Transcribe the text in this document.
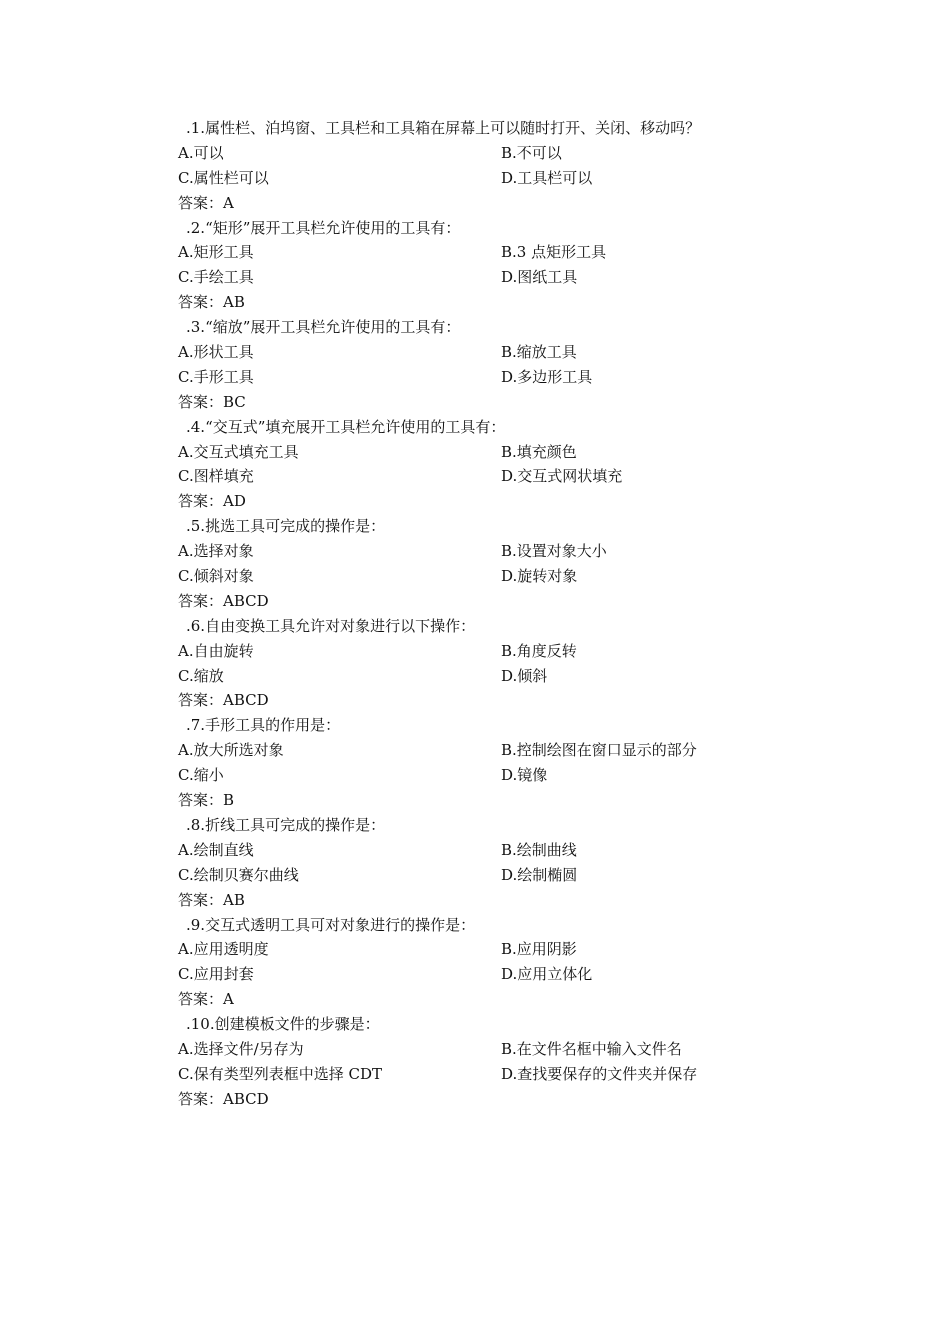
.1.属性栏、泊坞窗、工具栏和工具箱在屏幕上可以随时打开、关闭、移动吗？
A.可以	B.不可以
C.属性栏可以	D.工具栏可以
答案：A
.2.“矩形”展开工具栏允许使用的工具有：
A.矩形工具	B.3 点矩形工具
C.手绘工具	D.图纸工具
答案：AB
.3.“缩放”展开工具栏允许使用的工具有：
A.形状工具	B.缩放工具
C.手形工具	D.多边形工具
答案：BC
.4.“交互式”填充展开工具栏允许使用的工具有：
A.交互式填充工具	B.填充颜色
C.图样填充	D.交互式网状填充
答案：AD
.5.挑选工具可完成的操作是：
A.选择对象	B.设置对象大小
C.倾斜对象	D.旋转对象
答案：ABCD
.6.自由变换工具允许对对象进行以下操作：
A.自由旋转	B.角度反转
C.缩放	D.倾斜
答案：ABCD
.7.手形工具的作用是：
A.放大所选对象	B.控制绘图在窗口显示的部分
C.缩小	D.镜像
答案：B
.8.折线工具可完成的操作是：
A.绘制直线	B.绘制曲线
C.绘制贝赛尔曲线	D.绘制椭圆
答案：AB
.9.交互式透明工具可对对象进行的操作是：
A.应用透明度	B.应用阴影
C.应用封套	D.应用立体化
答案：A
.10.创建模板文件的步骤是：
A.选择文件/另存为	B.在文件名框中输入文件名
C.保有类型列表框中选择 CDT	D.查找要保存的文件夹并保存
答案：ABCD
